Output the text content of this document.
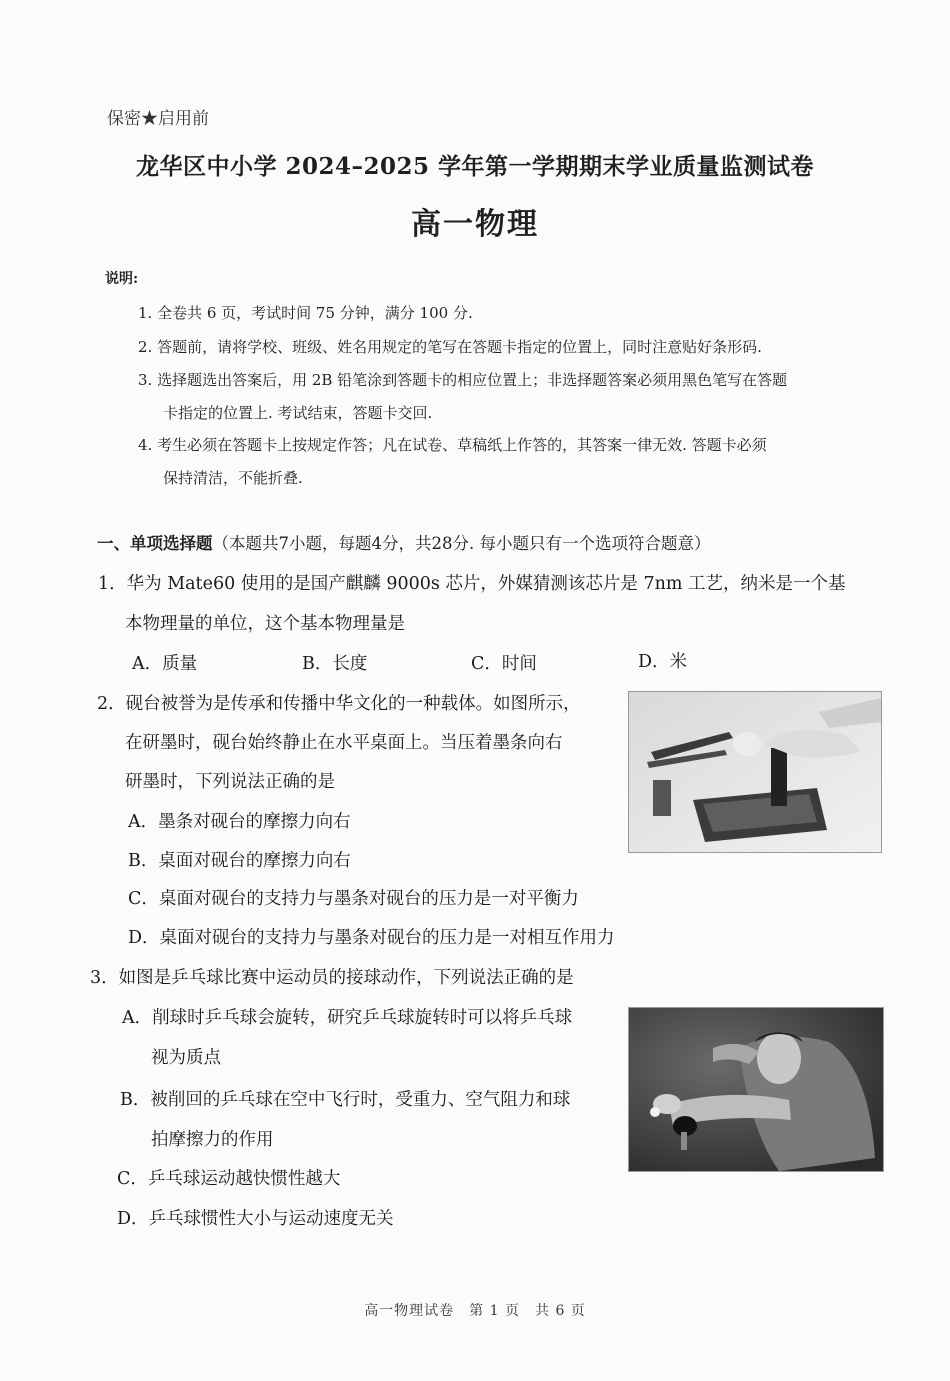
保密★启用前
龙华区中小学 2024–2025 学年第一学期期末学业质量监测试卷
高一物理
说明:
1. 全卷共 6 页，考试时间 75 分钟，满分 100 分.
2. 答题前，请将学校、班级、姓名用规定的笔写在答题卡指定的位置上，同时注意贴好条形码.
3. 选择题选出答案后，用 2B 铅笔涂到答题卡的相应位置上；非选择题答案必须用黑色笔写在答题
卡指定的位置上. 考试结束，答题卡交回.
4. 考生必须在答题卡上按规定作答；凡在试卷、草稿纸上作答的，其答案一律无效. 答题卡必须
保持清洁，不能折叠.
一、单项选择题（本题共7小题，每题4分，共28分. 每小题只有一个选项符合题意）
1．华为 Mate60 使用的是国产麒麟 9000s 芯片，外媒猜测该芯片是 7nm 工艺，纳米是一个基
本物理量的单位，这个基本物理量是
A．质量	B．长度	C．时间	D．米
2．砚台被誉为是传承和传播中华文化的一种载体。如图所示，
在研墨时，砚台始终静止在水平桌面上。当压着墨条向右
研墨时，下列说法正确的是
A．墨条对砚台的摩擦力向右
B．桌面对砚台的摩擦力向右
C．桌面对砚台的支持力与墨条对砚台的压力是一对平衡力
D．桌面对砚台的支持力与墨条对砚台的压力是一对相互作用力
3．如图是乒乓球比赛中运动员的接球动作，下列说法正确的是
A．削球时乒乓球会旋转，研究乒乓球旋转时可以将乒乓球
视为质点
B．被削回的乒乓球在空中飞行时，受重力、空气阻力和球
拍摩擦力的作用
C．乒乓球运动越快惯性越大
D．乒乓球惯性大小与运动速度无关
高一物理试卷　第 1 页　共 6 页
